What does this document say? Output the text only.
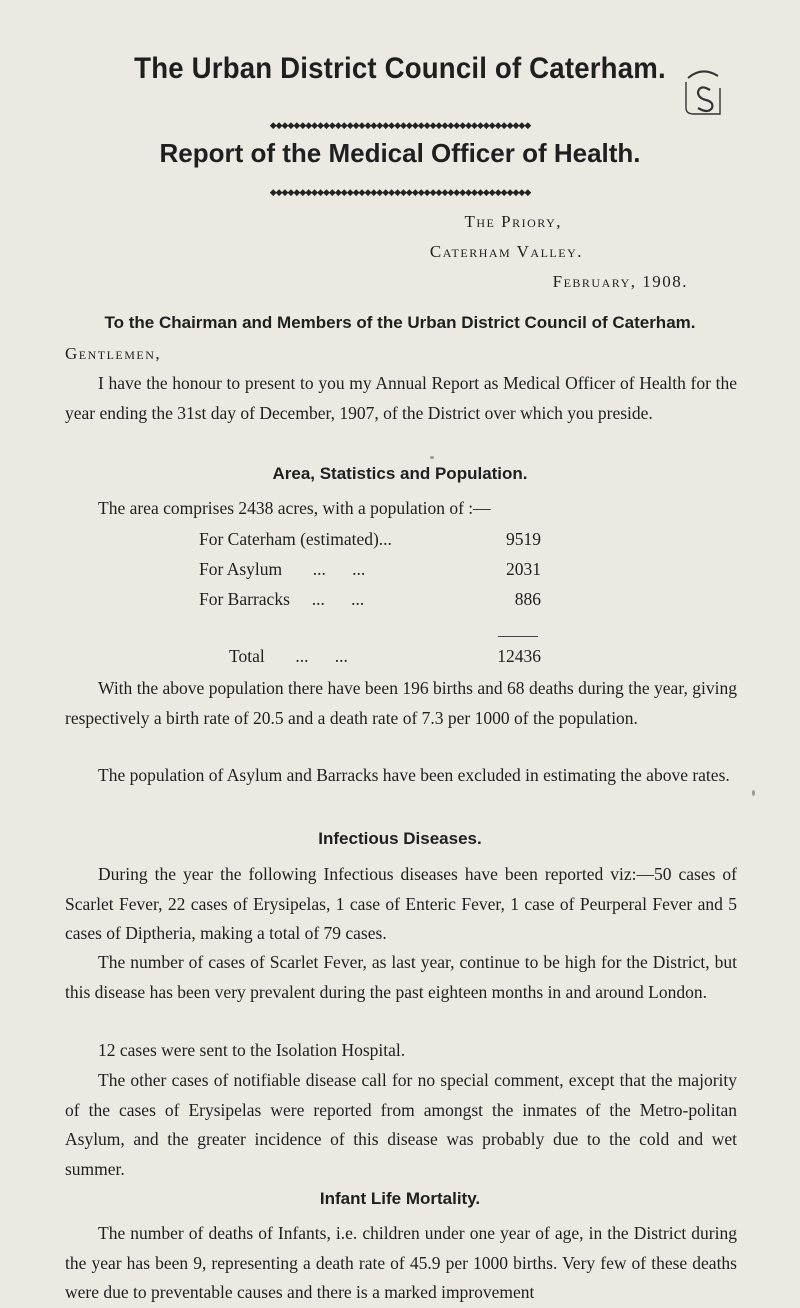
The Urban District Council of Caterham.
◆◆◆◆◆◆◆◆◆◆◆◆◆◆◆◆◆◆◆◆◆◆◆◆◆◆◆◆◆◆◆◆◆◆◆◆◆◆◆◆◆◆◆◆
Report of the Medical Officer of Health.
◆◆◆◆◆◆◆◆◆◆◆◆◆◆◆◆◆◆◆◆◆◆◆◆◆◆◆◆◆◆◆◆◆◆◆◆◆◆◆◆◆◆◆◆
The Priory,
Caterham Valley.
February, 1908.
To the Chairman and Members of the Urban District Council of Caterham.
Gentlemen,

I have the honour to present to you my Annual Report as Medical Officer of Health for the year ending the 31st day of December, 1907, of the District over which you preside.

Area, Statistics and Population.

The area comprises 2438 acres, with a population of :—

For Caterham (estimated)...	9519
For Asylum       ...      ...	2031
For Barracks     ...      ...	886
Total       ...      ...	12436

With the above population there have been 196 births and 68 deaths during the year, giving respectively a birth rate of 20.5 and a death rate of 7.3 per 1000 of the population.

The population of Asylum and Barracks have been excluded in estimating the above rates.

Infectious Diseases.

During the year the following Infectious diseases have been reported viz:—50 cases of Scarlet Fever, 22 cases of Erysipelas, 1 case of Enteric Fever, 1 case of Peurperal Fever and 5 cases of Diptheria, making a total of 79 cases.

The number of cases of Scarlet Fever, as last year, continue to be high for the District, but this disease has been very prevalent during the past eighteen months in and around London.

12 cases were sent to the Isolation Hospital.

The other cases of notifiable disease call for no special comment, except that the majority of the cases of Erysipelas were reported from amongst the inmates of the Metro-politan Asylum, and the greater incidence of this disease was probably due to the cold and wet summer.

Infant Life Mortality.

The number of deaths of Infants, i.e. children under one year of age, in the District during the year has been 9, representing a death rate of 45.9 per 1000 births. Very few of these deaths were due to preventable causes and there is a marked improvement
